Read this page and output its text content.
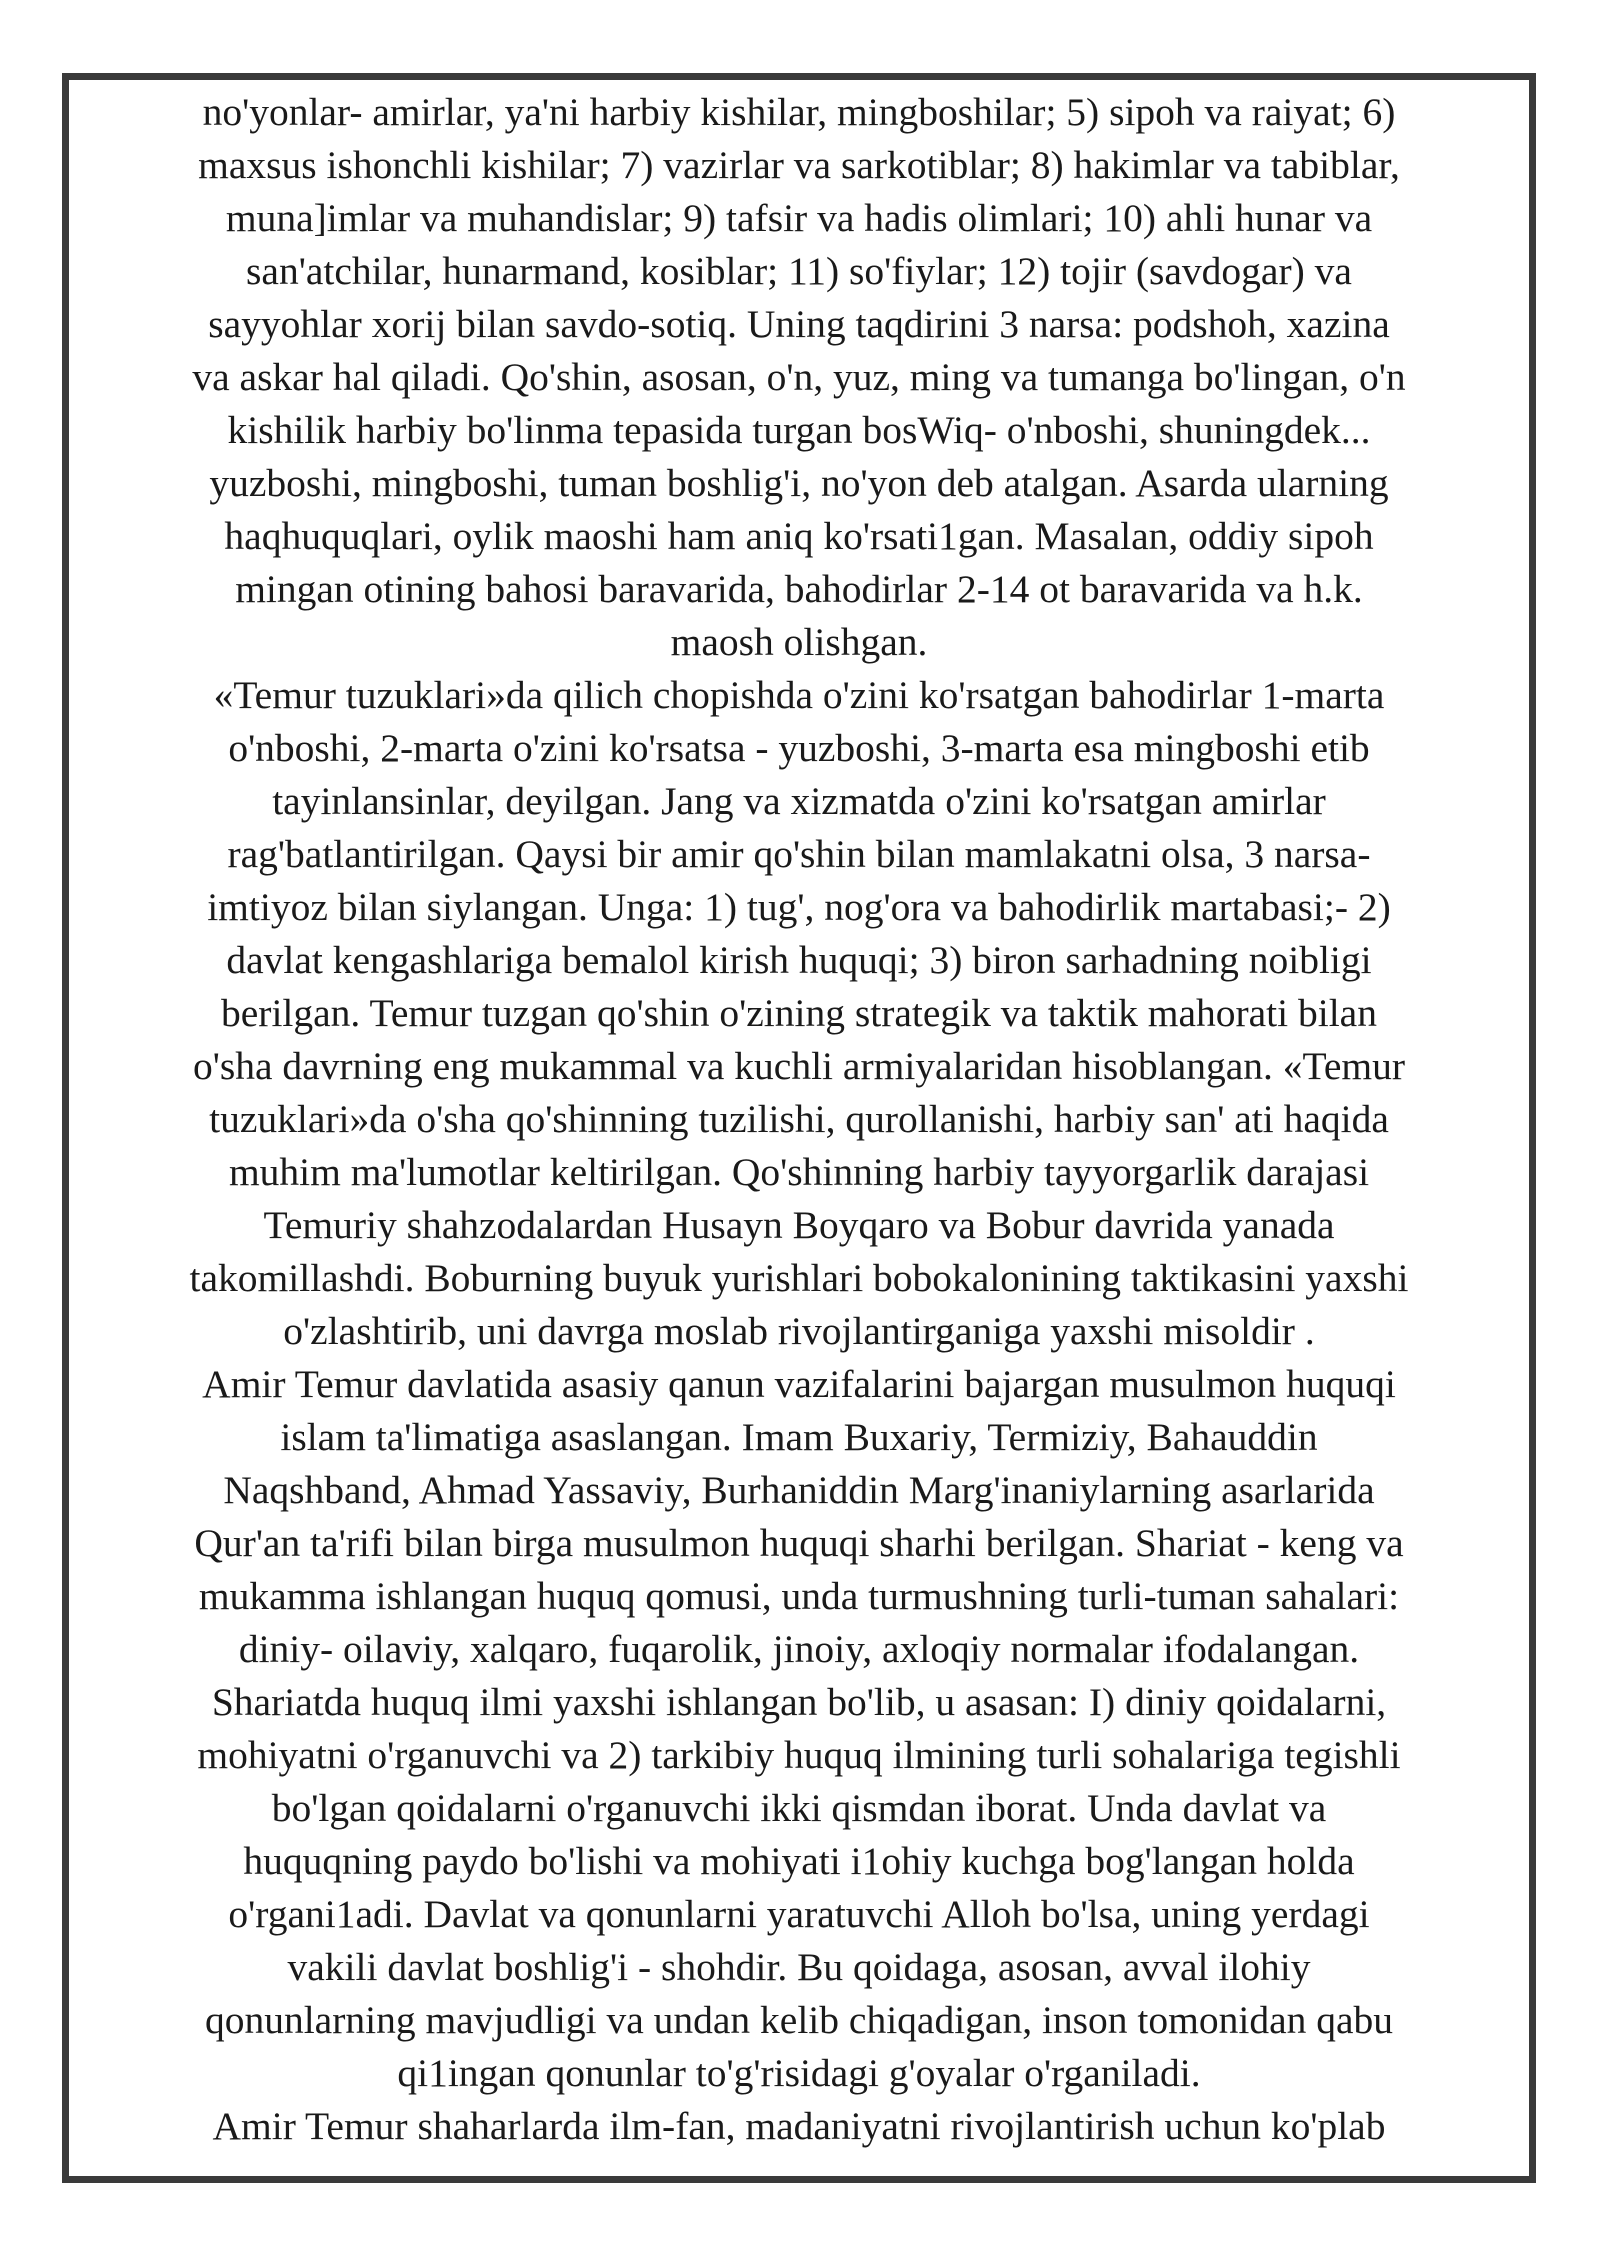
no'yonlar- amirlar, ya'ni harbiy kishilar, mingboshilar; 5) sipoh va raiyat; 6)

maxsus ishonchli kishilar; 7) vazirlar va sarkotiblar; 8) hakimlar va tabiblar,

muna]imlar va muhandislar; 9) tafsir va hadis olimlari; 10) ahli hunar va

san'atchilar, hunarmand, kosiblar; 11) so'fiylar; 12) tojir (savdogar) va

sayyohlar xorij bilan savdo-sotiq. Uning taqdirini 3 narsa: podshoh, xazina

va askar hal qiladi. Qo'shin, asosan, o'n, yuz, ming va tumanga bo'lingan, o'n

kishilik harbiy bo'linma tepasida turgan bosWiq- o'nboshi, shuningdek...

yuzboshi, mingboshi, tuman boshlig'i, no'yon deb atalgan. Asarda ularning

haqhuquqlari, oylik maoshi ham aniq ko'rsati1gan. Masalan, oddiy sipoh

mingan otining bahosi baravarida, bahodirlar 2-14 ot baravarida va h.k.

maosh olishgan.

«Temur tuzuklari»da qilich chopishda o'zini ko'rsatgan bahodirlar 1-marta

o'nboshi, 2-marta o'zini ko'rsatsa - yuzboshi, 3-marta esa mingboshi etib

tayinlansinlar, deyilgan. Jang va xizmatda o'zini ko'rsatgan amirlar

rag'batlantirilgan. Qaysi bir amir qo'shin bilan mamlakatni olsa, 3 narsa-

imtiyoz bilan siylangan. Unga: 1) tug', nog'ora va bahodirlik martabasi;- 2)

davlat kengashlariga bemalol kirish huquqi; 3) biron sarhadning noibligi

berilgan. Temur tuzgan qo'shin o'zining strategik va taktik mahorati bilan

o'sha davrning eng mukammal va kuchli armiyalaridan hisoblangan. «Temur

tuzuklari»da o'sha qo'shinning tuzilishi, qurollanishi, harbiy san' ati haqida

muhim ma'lumotlar keltirilgan. Qo'shinning harbiy tayyorgarlik darajasi

Temuriy shahzodalardan Husayn Boyqaro va Bobur davrida yanada

takomillashdi. Boburning buyuk yurishlari bobokalonining taktikasini yaxshi

o'zlashtirib, uni davrga moslab rivojlantirganiga yaxshi misoldir .

Amir Temur davlatida asasiy qanun vazifalarini bajargan musulmon huquqi

islam ta'limatiga asaslangan. Imam Buxariy, Termiziy, Bahauddin

Naqshband, Ahmad Yassaviy, Burhaniddin Marg'inaniylarning asarlarida

Qur'an ta'rifi bilan birga musulmon huquqi sharhi berilgan. Shariat - keng va

mukamma ishlangan huquq qomusi, unda turmushning turli-tuman sahalari:

diniy- oilaviy, xalqaro, fuqarolik, jinoiy, axloqiy normalar ifodalangan.

Shariatda huquq ilmi yaxshi ishlangan bo'lib, u asasan: I) diniy qoidalarni,

mohiyatni o'rganuvchi va 2) tarkibiy huquq ilmining turli sohalariga tegishli

bo'lgan qoidalarni o'rganuvchi ikki qismdan iborat. Unda davlat va

huquqning paydo bo'lishi va mohiyati i1ohiy kuchga bog'langan holda

o'rgani1adi. Davlat va qonunlarni yaratuvchi Alloh bo'lsa, uning yerdagi

vakili davlat boshlig'i - shohdir. Bu qoidaga, asosan, avval ilohiy

qonunlarning mavjudligi va undan kelib chiqadigan, inson tomonidan qabu

qi1ingan qonunlar to'g'risidagi g'oyalar o'rganiladi.

Amir Temur shaharlarda ilm-fan, madaniyatni rivojlantirish uchun ko'plab
